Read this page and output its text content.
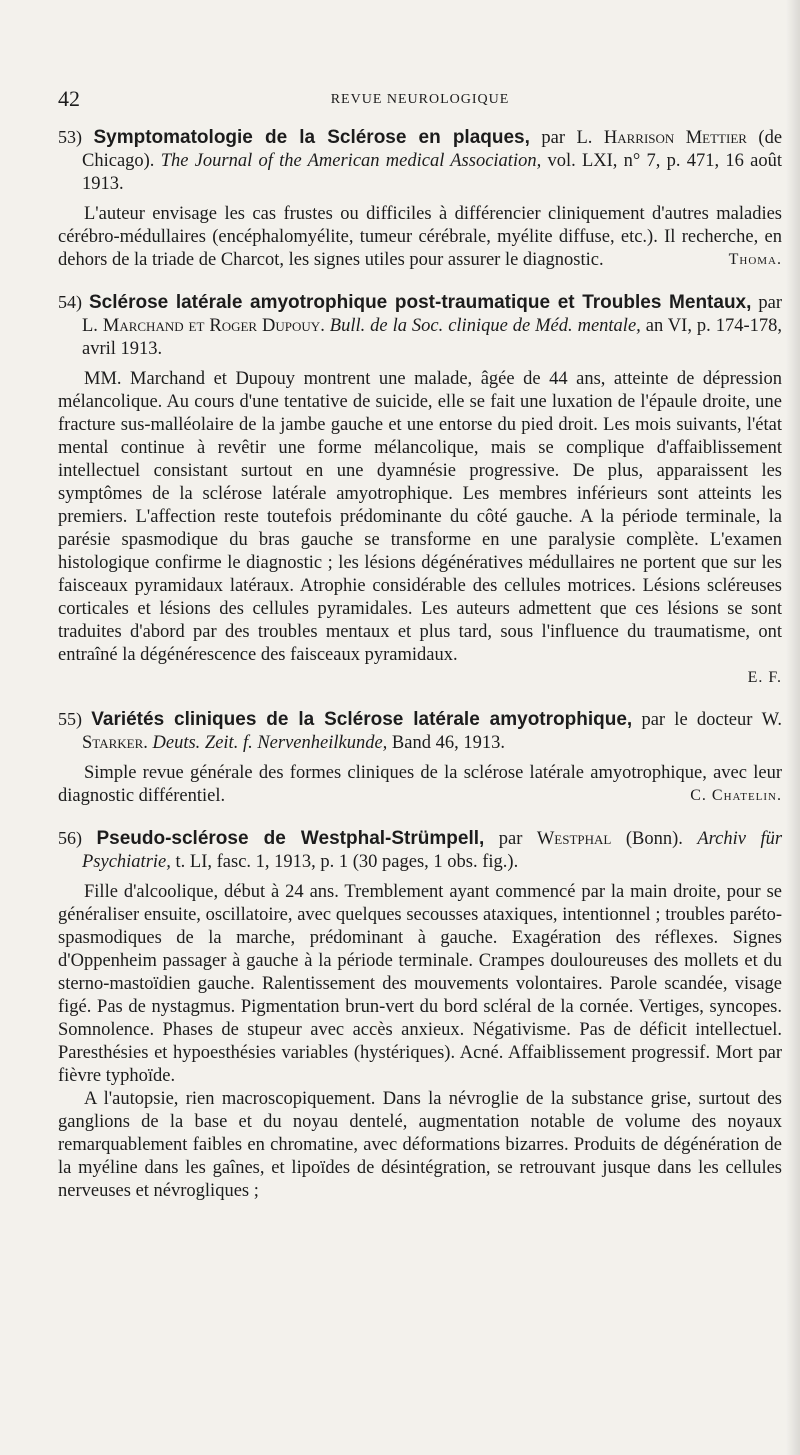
42	REVUE NEUROLOGIQUE

53) Symptomatologie de la Sclérose en plaques, par L. Harrison Mettier (de Chicago). The Journal of the American medical Association, vol. LXI, n° 7, p. 471, 16 août 1913.

L'auteur envisage les cas frustes ou difficiles à différencier cliniquement d'autres maladies cérébro-médullaires (encéphalomyélite, tumeur cérébrale, myélite diffuse, etc.). Il recherche, en dehors de la triade de Charcot, les signes utiles pour assurer le diagnostic.	Thoma.

54) Sclérose latérale amyotrophique post-traumatique et Troubles Mentaux, par L. Marchand et Roger Dupouy. Bull. de la Soc. clinique de Méd. mentale, an VI, p. 174-178, avril 1913.

MM. Marchand et Dupouy montrent une malade, âgée de 44 ans, atteinte de dépression mélancolique. Au cours d'une tentative de suicide, elle se fait une luxation de l'épaule droite, une fracture sus-malléolaire de la jambe gauche et une entorse du pied droit. Les mois suivants, l'état mental continue à revêtir une forme mélancolique, mais se complique d'affaiblissement intellectuel consistant surtout en une dyamnésie progressive. De plus, apparaissent les symptômes de la sclérose latérale amyotrophique. Les membres inférieurs sont atteints les premiers. L'affection reste toutefois prédominante du côté gauche. A la période terminale, la parésie spasmodique du bras gauche se transforme en une paralysie complète. L'examen histologique confirme le diagnostic ; les lésions dégénératives médullaires ne portent que sur les faisceaux pyramidaux latéraux. Atrophie considérable des cellules motrices. Lésions scléreuses corticales et lésions des cellules pyramidales. Les auteurs admettent que ces lésions se sont traduites d'abord par des troubles mentaux et plus tard, sous l'influence du traumatisme, ont entraîné la dégénérescence des faisceaux pyramidaux.

E. F.

55) Variétés cliniques de la Sclérose latérale amyotrophique, par le docteur W. Starker. Deuts. Zeit. f. Nervenheilkunde, Band 46, 1913.

Simple revue générale des formes cliniques de la sclérose latérale amyotrophique, avec leur diagnostic différentiel.	C. Chatelin.

56) Pseudo-sclérose de Westphal-Strümpell, par Westphal (Bonn). Archiv für Psychiatrie, t. LI, fasc. 1, 1913, p. 1 (30 pages, 1 obs. fig.).

Fille d'alcoolique, début à 24 ans. Tremblement ayant commencé par la main droite, pour se généraliser ensuite, oscillatoire, avec quelques secousses ataxiques, intentionnel ; troubles paréto-spasmodiques de la marche, prédominant à gauche. Exagération des réflexes. Signes d'Oppenheim passager à gauche à la période terminale. Crampes douloureuses des mollets et du sterno-mastoïdien gauche. Ralentissement des mouvements volontaires. Parole scandée, visage figé. Pas de nystagmus. Pigmentation brun-vert du bord scléral de la cornée. Vertiges, syncopes. Somnolence. Phases de stupeur avec accès anxieux. Négativisme. Pas de déficit intellectuel. Paresthésies et hypoesthésies variables (hystériques). Acné. Affaiblissement progressif. Mort par fièvre typhoïde.

A l'autopsie, rien macroscopiquement. Dans la névroglie de la substance grise, surtout des ganglions de la base et du noyau dentelé, augmentation notable de volume des noyaux remarquablement faibles en chromatine, avec déformations bizarres. Produits de dégénération de la myéline dans les gaînes, et lipoïdes de désintégration, se retrouvant jusque dans les cellules nerveuses et névrogliques ;
